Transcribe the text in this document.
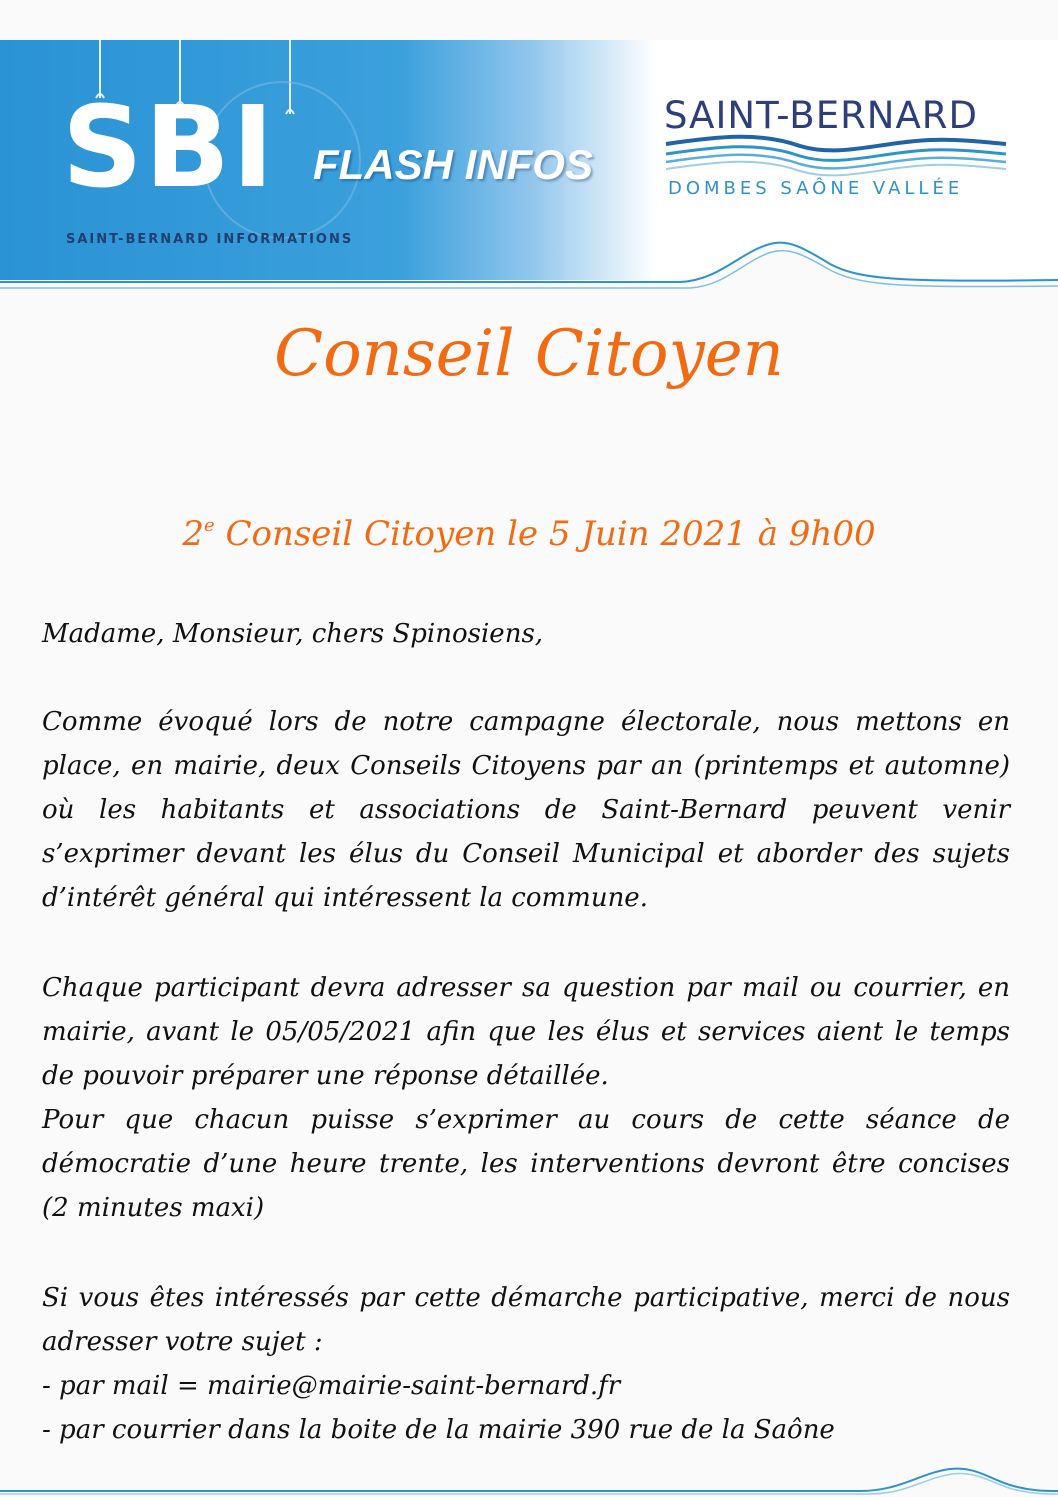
SBI FLASH INFOS
SAINT-BERNARD INFORMATIONS
SAINT-BERNARD
DOMBES SAÔNE VALLÉE
Conseil Citoyen
2e Conseil Citoyen le 5 Juin 2021 à 9h00

Madame, Monsieur, chers Spinosiens,

Comme évoqué lors de notre campagne électorale, nous mettons en place, en mairie, deux Conseils Citoyens par an (printemps et automne) où les habitants et associations de Saint-Bernard peuvent venir s’exprimer devant les élus du Conseil Municipal et aborder des sujets d’intérêt général qui intéressent la commune.

Chaque participant devra adresser sa question par mail ou courrier, en mairie, avant le 05/05/2021 afin que les élus et services aient le temps de pouvoir préparer une réponse détaillée.

Pour que chacun puisse s’exprimer au cours de cette séance de démocratie d’une heure trente, les interventions devront être concises (2 minutes maxi)

Si vous êtes intéressés par cette démarche participative, merci de nous adresser votre sujet :

- par mail = mairie@mairie-saint-bernard.fr

- par courrier dans la boite de la mairie 390 rue de la Saône
